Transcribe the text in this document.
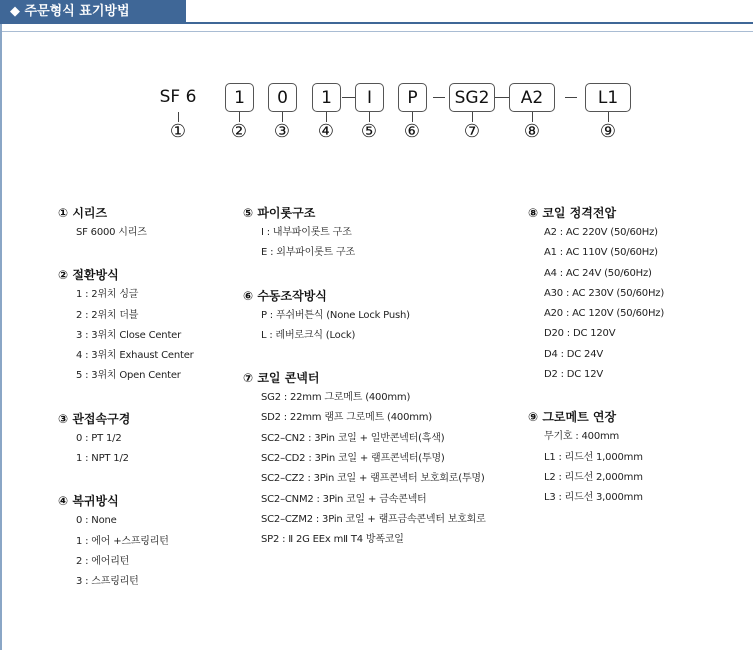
◆ 주문형식 표기방법
SF 6	1	0	1	I	P	SG2	A2	L1
① ② ③ ④ ⑤ ⑥ ⑦ ⑧	⑨
① 시리즈
SF 6000 시리즈
② 절환방식
1 : 2위치 싱글
2 : 2위치 더블
3 : 3위치 Close Center
4 : 3위치 Exhaust Center
5 : 3위치 Open Center
③ 관접속구경
0 : PT 1/2
1 : NPT 1/2
④ 복귀방식
0 : None
1 : 에어 +스프링리턴
2 : 에어리턴
3 : 스프링리턴
⑤ 파이롯구조
I : 내부파이롯트 구조
E : 외부파이롯트 구조
⑥ 수동조작방식
P : 푸쉬버튼식 (None Lock Push)
L : 레버로크식 (Lock)
⑦ 코일 콘넥터
SG2 : 22mm 그로메트 (400mm)
SD2 : 22mm 램프 그로메트 (400mm)
SC2–CN2 : 3Pin 코일 + 일반콘넥터(흑색)
SC2–CD2 : 3Pin 코일 + 램프콘넥터(투명)
SC2–CZ2 : 3Pin 코일 + 램프콘넥터 보호회로(투명)
SC2–CNM2 : 3Pin 코일 + 금속콘넥터
SC2–CZM2 : 3Pin 코일 + 램프금속콘넥터 보호회로
SP2 : Ⅱ 2G EEx mⅡ T4 방폭코일
⑧ 코일 정격전압
A2 : AC 220V (50/60Hz)
A1 : AC 110V (50/60Hz)
A4 : AC 24V (50/60Hz)
A30 : AC 230V (50/60Hz)
A20 : AC 120V (50/60Hz)
D20 : DC 120V
D4 : DC 24V
D2 : DC 12V
⑨ 그로메트 연장
무기호 : 400mm
L1 : 리드선 1,000mm
L2 : 리드선 2,000mm
L3 : 리드선 3,000mm
